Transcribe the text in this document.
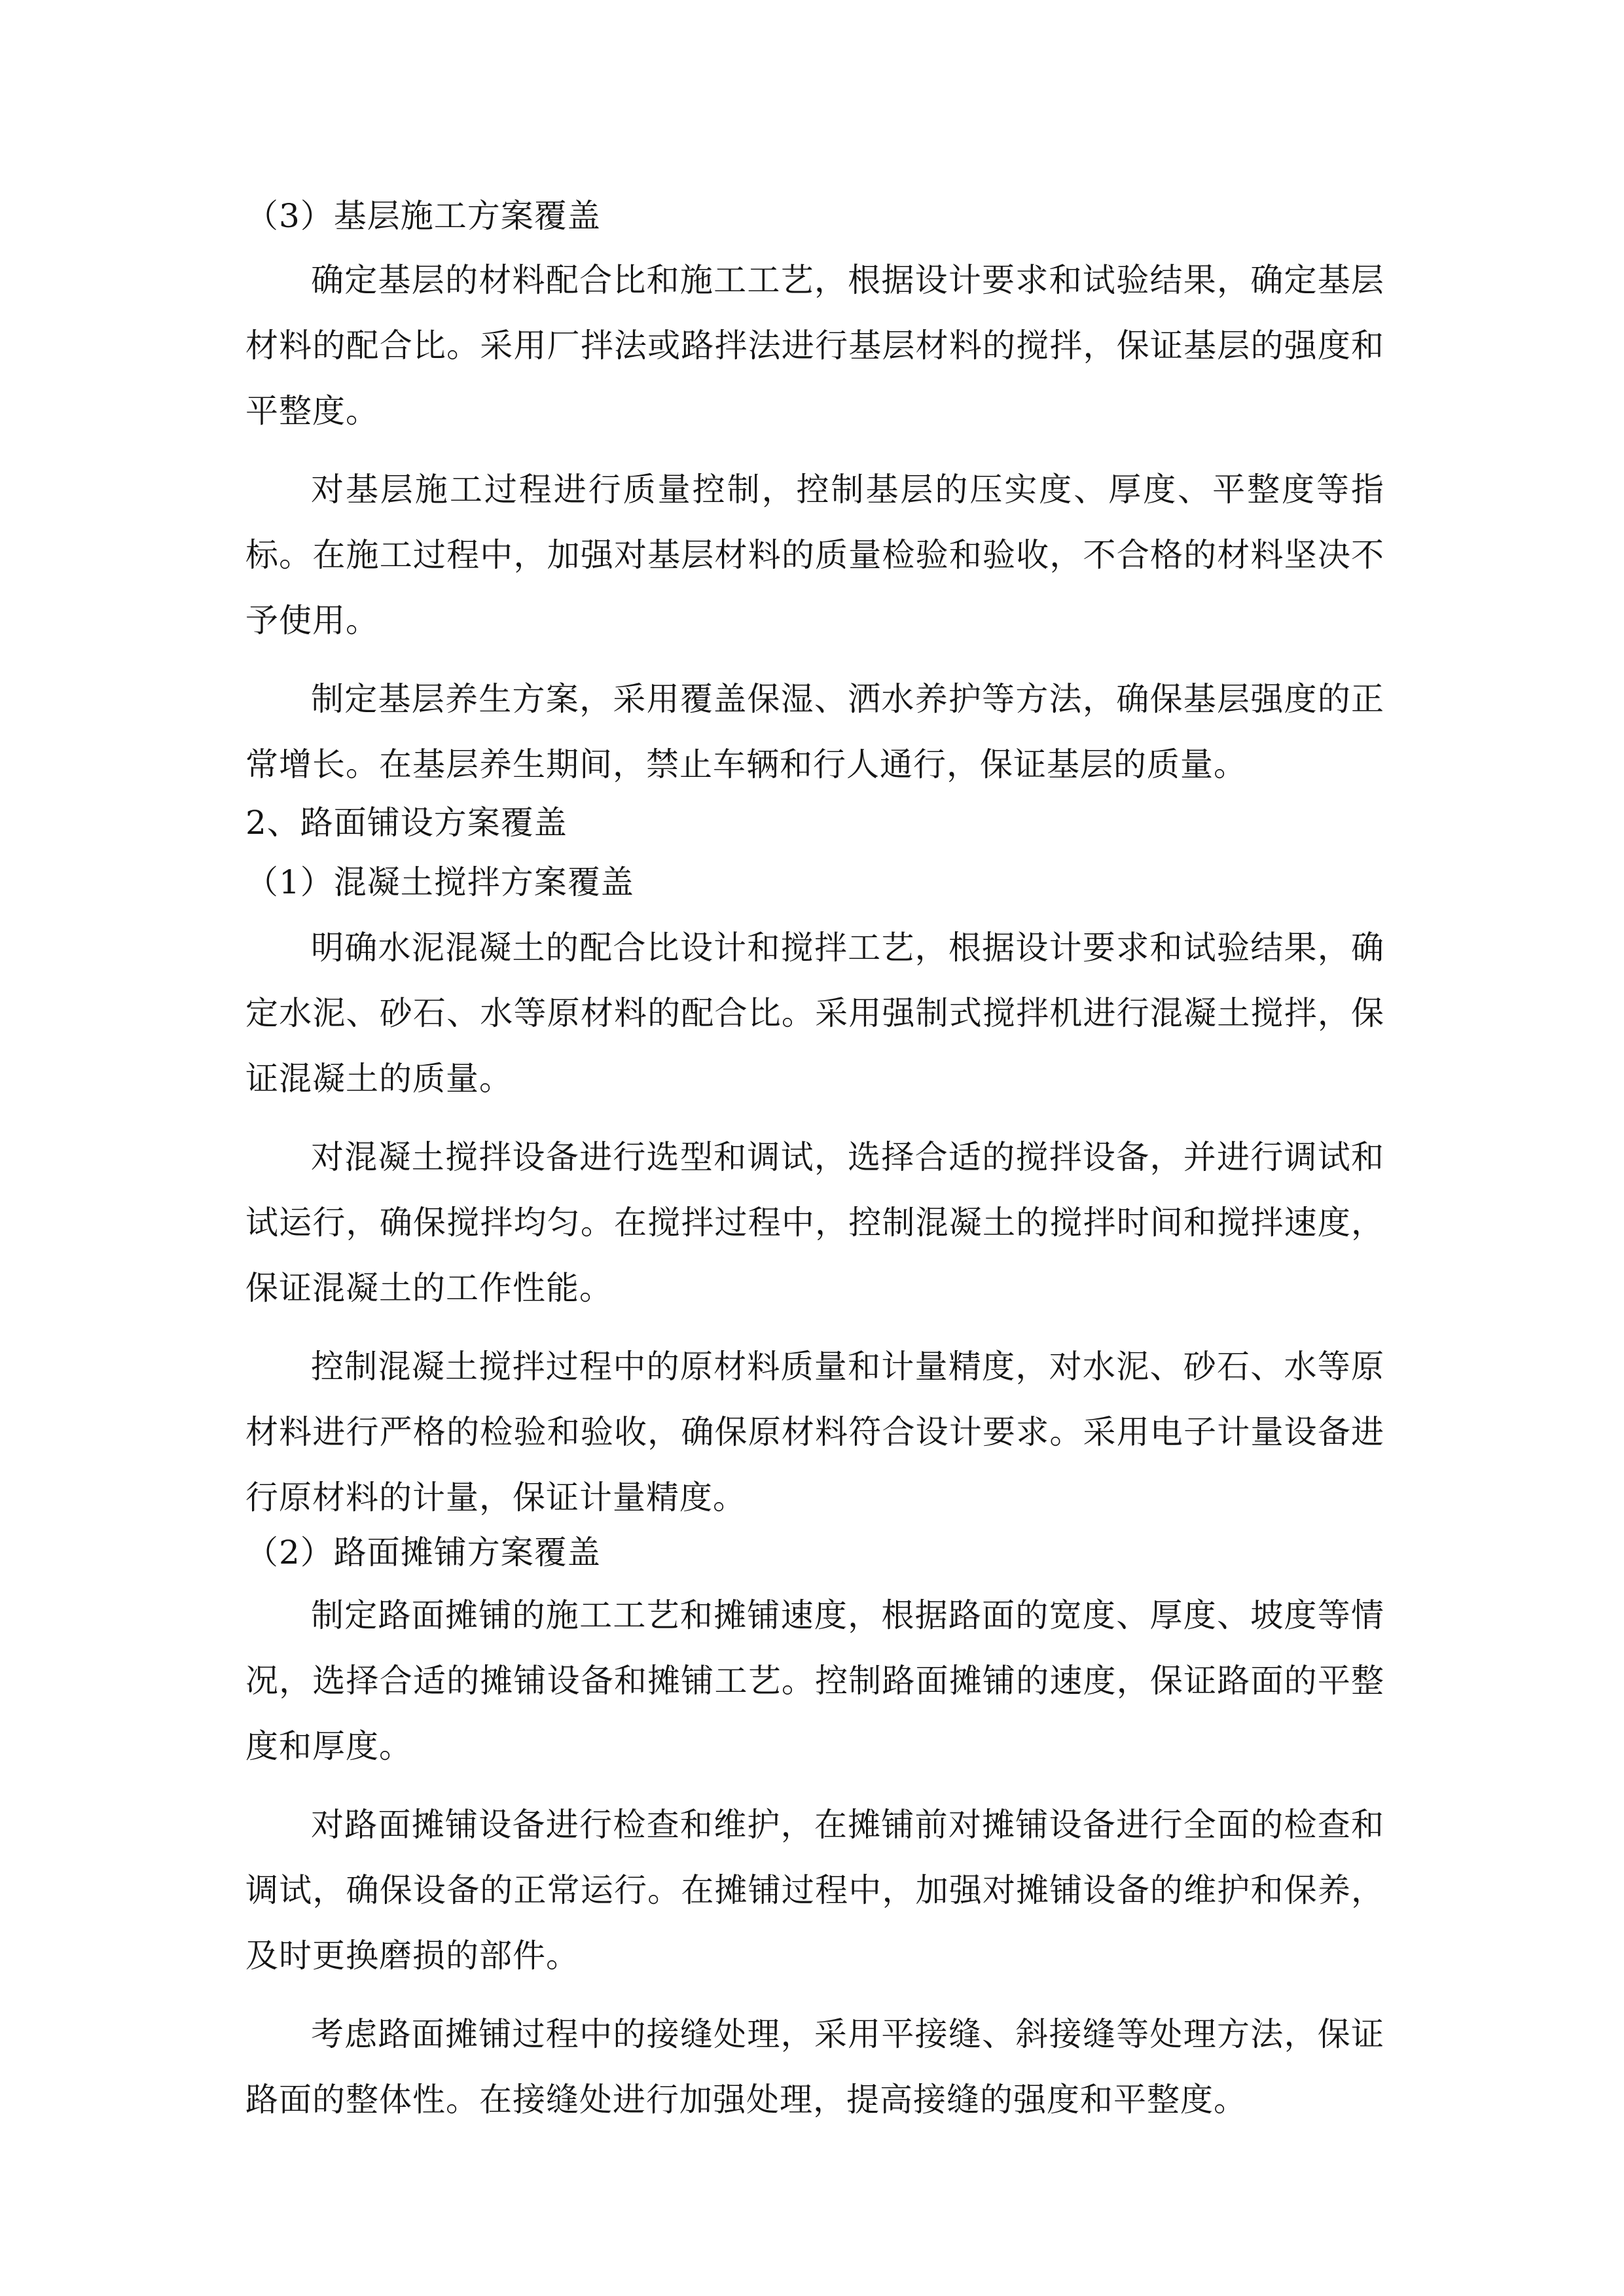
（3）基层施工方案覆盖
确定基层的材料配合比和施工工艺，根据设计要求和试验结果，确定基层材料的配合比。采用厂拌法或路拌法进行基层材料的搅拌，保证基层的强度和平整度。
对基层施工过程进行质量控制，控制基层的压实度、厚度、平整度等指标。在施工过程中，加强对基层材料的质量检验和验收，不合格的材料坚决不予使用。
制定基层养生方案，采用覆盖保湿、洒水养护等方法，确保基层强度的正常增长。在基层养生期间，禁止车辆和行人通行，保证基层的质量。
2、路面铺设方案覆盖
（1）混凝土搅拌方案覆盖
明确水泥混凝土的配合比设计和搅拌工艺，根据设计要求和试验结果，确定水泥、砂石、水等原材料的配合比。采用强制式搅拌机进行混凝土搅拌，保证混凝土的质量。
对混凝土搅拌设备进行选型和调试，选择合适的搅拌设备，并进行调试和试运行，确保搅拌均匀。在搅拌过程中，控制混凝土的搅拌时间和搅拌速度，保证混凝土的工作性能。
控制混凝土搅拌过程中的原材料质量和计量精度，对水泥、砂石、水等原材料进行严格的检验和验收，确保原材料符合设计要求。采用电子计量设备进行原材料的计量，保证计量精度。
（2）路面摊铺方案覆盖
制定路面摊铺的施工工艺和摊铺速度，根据路面的宽度、厚度、坡度等情况，选择合适的摊铺设备和摊铺工艺。控制路面摊铺的速度，保证路面的平整度和厚度。
对路面摊铺设备进行检查和维护，在摊铺前对摊铺设备进行全面的检查和调试，确保设备的正常运行。在摊铺过程中，加强对摊铺设备的维护和保养，及时更换磨损的部件。
考虑路面摊铺过程中的接缝处理，采用平接缝、斜接缝等处理方法，保证路面的整体性。在接缝处进行加强处理，提高接缝的强度和平整度。
